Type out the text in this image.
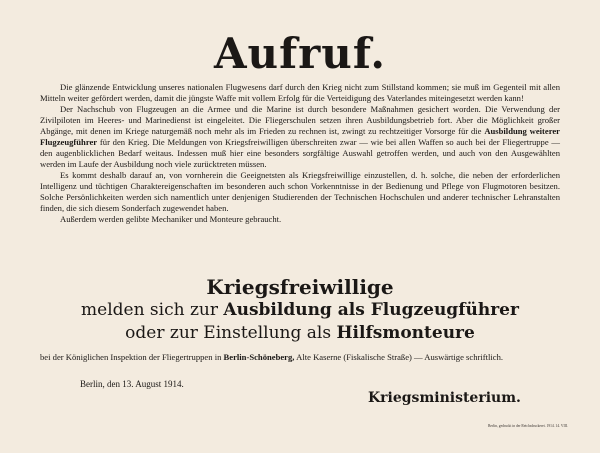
Aufruf.

Die glänzende Entwicklung unseres nationalen Flugwesens darf durch den Krieg nicht zum Stillstand kommen; sie muß im Gegenteil mit allen Mitteln weiter gefördert werden, damit die jüngste Waffe mit vollem Erfolg für die Verteidigung des Vaterlandes miteingesetzt werden kann!

Der Nachschub von Flugzeugen an die Armee und die Marine ist durch besondere Maßnahmen gesichert worden. Die Verwendung der Zivilpiloten im Heeres- und Marinedienst ist eingeleitet. Die Fliegerschulen setzen ihren Ausbildungsbetrieb fort. Aber die Möglichkeit großer Abgänge, mit denen im Kriege naturgemäß noch mehr als im Frieden zu rechnen ist, zwingt zu rechtzeitiger Vorsorge für die Ausbildung weiterer Flugzeugführer für den Krieg. Die Meldungen von Kriegsfreiwilligen überschreiten zwar — wie bei allen Waffen so auch bei der Fliegertruppe — den augenblicklichen Bedarf weitaus. Indessen muß hier eine besonders sorgfältige Auswahl getroffen werden, und auch von den Ausgewählten werden im Laufe der Ausbildung noch viele zurücktreten müssen.

Es kommt deshalb darauf an, von vornherein die Geeignetsten als Kriegsfreiwillige einzustellen, d. h. solche, die neben der erforderlichen Intelligenz und tüchtigen Charaktereigenschaften im besonderen auch schon Vorkenntnisse in der Bedienung und Pflege von Flugmotoren besitzen. Solche Persönlichkeiten werden sich namentlich unter denjenigen Studierenden der Technischen Hochschulen und anderer technischer Lehranstalten finden, die sich diesem Sonderfach zugewendet haben.

Außerdem werden gelibte Mechaniker und Monteure gebraucht.

Kriegsfreiwillige
melden sich zur Ausbildung als Flugzeugführer
oder zur Einstellung als Hilfsmonteure
bei der Königlichen Inspektion der Fliegertruppen in Berlin-Schöneberg, Alte Kaserne (Fiskalische Straße) — Auswärtige schriftlich.
Berlin, den 13. August 1914.
Kriegsministerium.
Berlin, gedruckt in der Reichsdruckerei. 1914. 14. VIII.
